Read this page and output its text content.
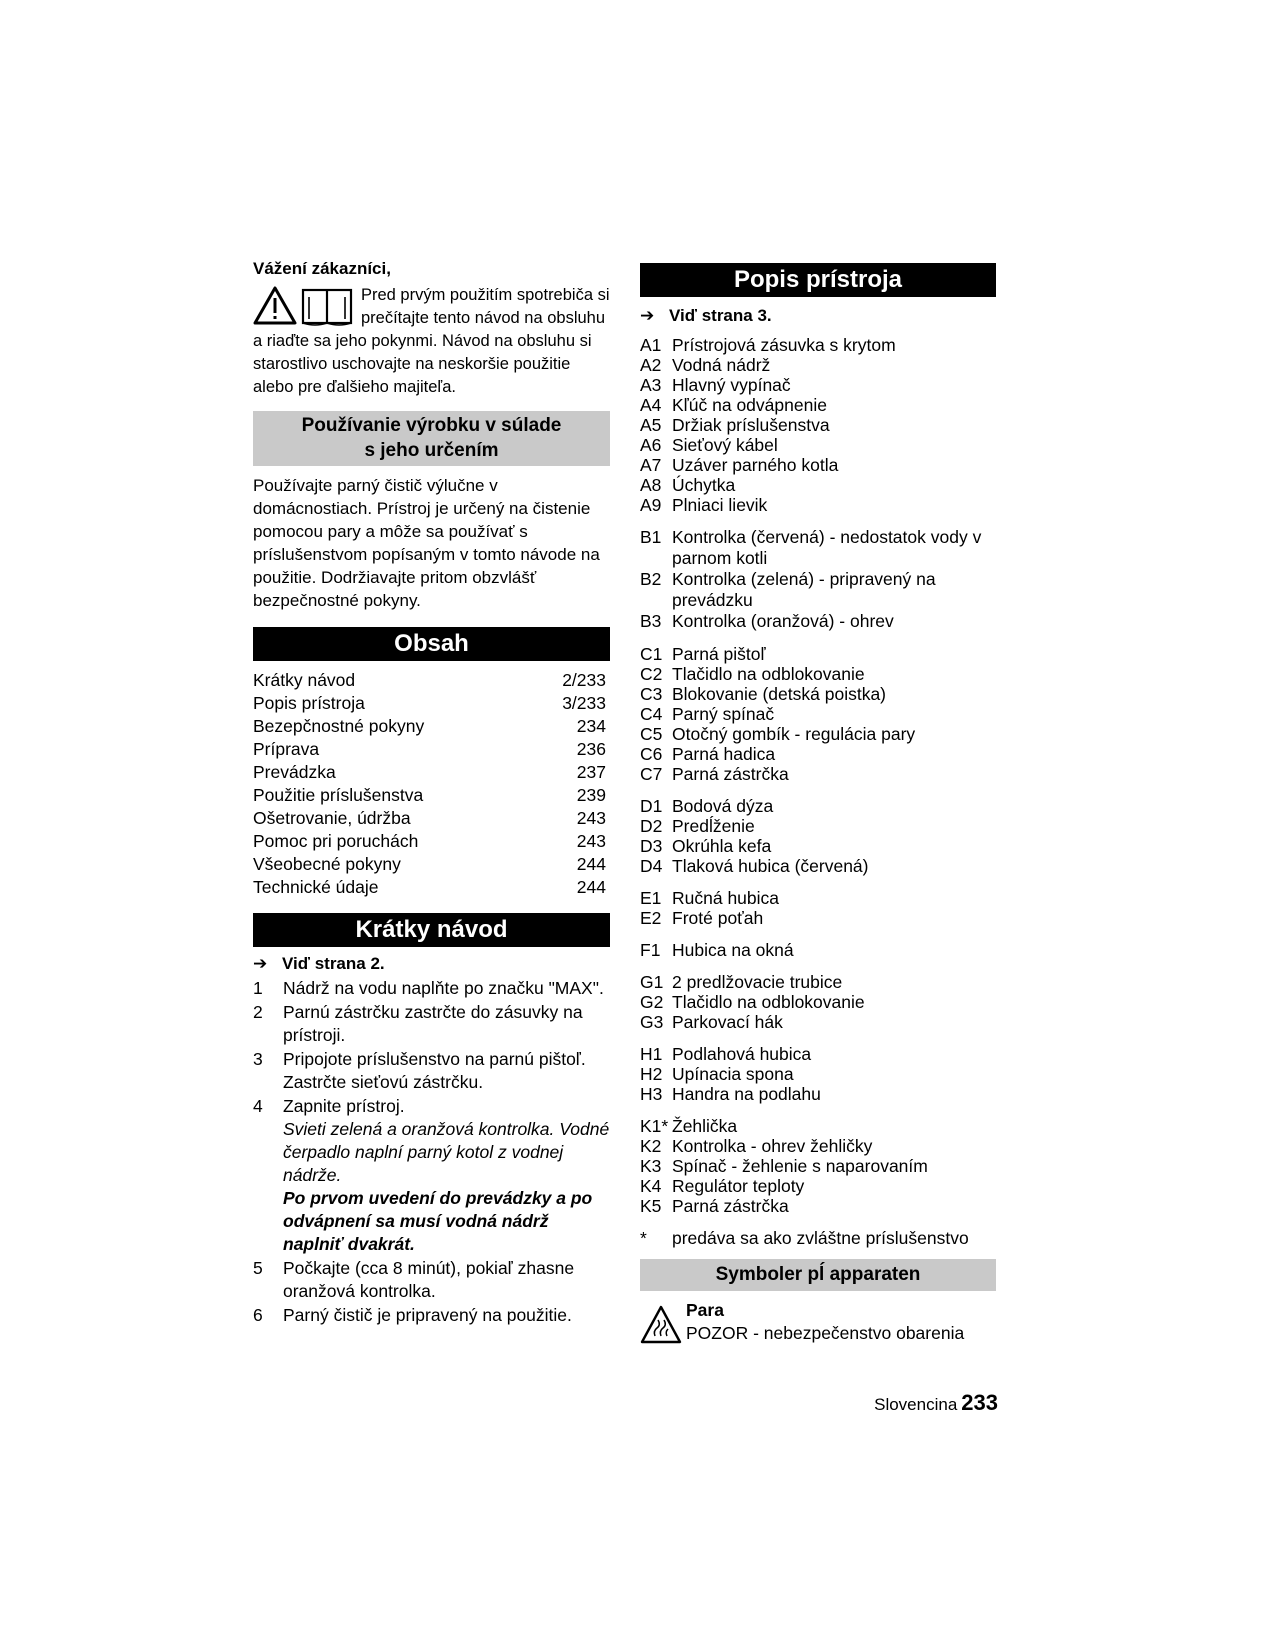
Vážení zákazníci,

Pred prvým použitím spotrebiča si prečítajte tento návod na obsluhu a riaďte sa jeho pokynmi. Návod na obsluhu si starostlivo uschovajte na neskoršie použitie alebo pre ďalšieho majiteľa.
Používanie výrobku v súlade
s jeho určením

Používajte parný čistič výlučne v domácnostiach. Prístroj je určený na čistenie pomocou pary a môže sa používať s príslušenstvom popísaným v tomto návode na použitie. Dodržiavajte pritom obzvlášť bezpečnostné pokyny.

Obsah
Krátky návod	2/233
Popis prístroja	3/233
Bezepčnostné pokyny	234
Príprava	236
Prevádzka	237
Použitie príslušenstva	239
Ošetrovanie, údržba	243
Pomoc pri poruchách	243
Všeobecné pokyny	244
Technické údaje	244
Krátky návod
➔ Viď strana 2.
1	Nádrž na vodu naplňte po značku "MAX".
2	Parnú zástrčku zastrčte do zásuvky na prístroji.
3	Pripojote príslušenstvo na parnú pištoľ. Zastrčte sieťovú zástrčku.
4	Zapnite prístroj.
Svieti zelená a oranžová kontrolka. Vodné čerpadlo naplní parný kotol z vodnej nádrže.
Po prvom uvedení do prevádzky a po odvápnení sa musí vodná nádrž naplniť dvakrát.
5	Počkajte (cca 8 minút), pokiaľ zhasne oranžová kontrolka.
6	Parný čistič je pripravený na použitie.
Popis prístroja
➔ Viď strana 3.
A1 Prístrojová zásuvka s krytom
A2 Vodná nádrž
A3 Hlavný vypínač
A4 Kľúč na odvápnenie
A5 Držiak príslušenstva
A6 Sieťový kábel
A7 Uzáver parného kotla
A8 Úchytka
A9 Plniaci lievik
B1 Kontrolka (červená) - nedostatok vody v parnom kotli
B2 Kontrolka (zelená) - pripravený na prevádzku
B3 Kontrolka (oranžová) - ohrev
C1 Parná pištoľ
C2 Tlačidlo na odblokovanie
C3 Blokovanie (detská poistka)
C4 Parný spínač
C5 Otočný gombík - regulácia pary
C6 Parná hadica
C7 Parná zástrčka
D1 Bodová dýza
D2 Predĺženie
D3 Okrúhla kefa
D4 Tlaková hubica (červená)
E1 Ručná hubica
E2 Froté poťah
F1 Hubica na okná
G1 2 predlžovacie trubice
G2 Tlačidlo na odblokovanie
G3 Parkovací hák
H1 Podlahová hubica
H2 Upínacia spona
H3 Handra na podlahu
K1* Žehlička
K2 Kontrolka - ohrev žehličky
K3 Spínač - žehlenie s naparovaním
K4 Regulátor teploty
K5 Parná zástrčka
*	predáva sa ako zvláštne príslušenstvo
Symboler pĺ apparaten
Para
POZOR - nebezpečenstvo obarenia
Slovencina 233
